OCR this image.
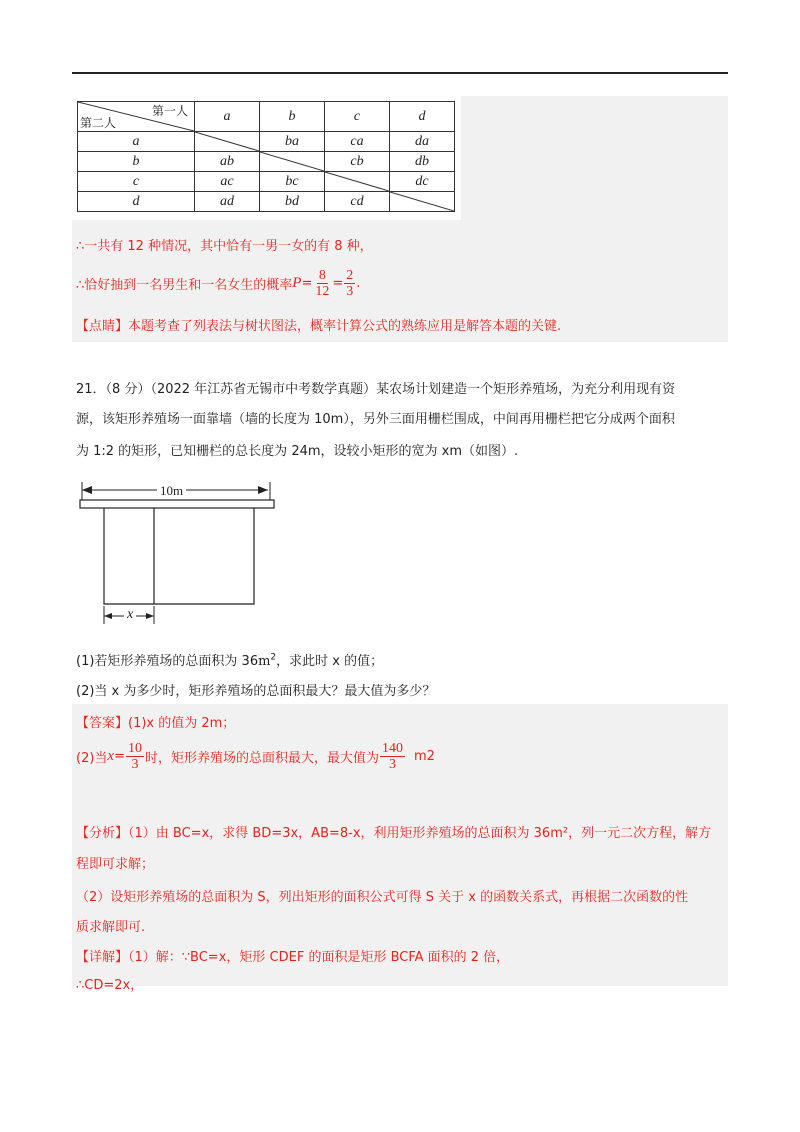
第一人
第二人	a	b	c	d
a		ba	ca	da
b	ab		cb	db
c	ac	bc		dc
d	ad	bd	cd	
∴一共有 12 种情况，其中恰有一男一女的有 8 种，
∴恰好抽到一名男生和一名女生的概率 $P = \frac{8}{12} = \frac{2}{3}$ .
【点睛】本题考查了列表法与树状图法，概率计算公式的熟练应用是解答本题的关键.
21．（8 分）（2022 年江苏省无锡市中考数学真题）某农场计划建造一个矩形养殖场，为充分利用现有资
源，该矩形养殖场一面靠墙（墙的长度为 10m），另外三面用栅栏围成，中间再用栅栏把它分成两个面积
为 1:2 的矩形，已知栅栏的总长度为 24m，设较小矩形的宽为 xm（如图）.
10m
x
(1)若矩形养殖场的总面积为 $36m^2$，求此时 x 的值；
(2)当 x 为多少时，矩形养殖场的总面积最大？最大值为多少？
【答案】(1)x 的值为 2m；
(2)当 $x = \frac{10}{3}$ 时，矩形养殖场的总面积最大，最大值为 $\frac{140}{3} m2$
【分析】（1）由 BC=x，求得 BD=3x，AB=8-x，利用矩形养殖场的总面积为 36m²，列一元二次方程，解方
程即可求解；
（2）设矩形养殖场的总面积为 S，列出矩形的面积公式可得 S 关于 x 的函数关系式，再根据二次函数的性
质求解即可.
【详解】（1）解：∵BC=x，矩形 CDEF 的面积是矩形 BCFA 面积的 2 倍，
∴CD=2x，
